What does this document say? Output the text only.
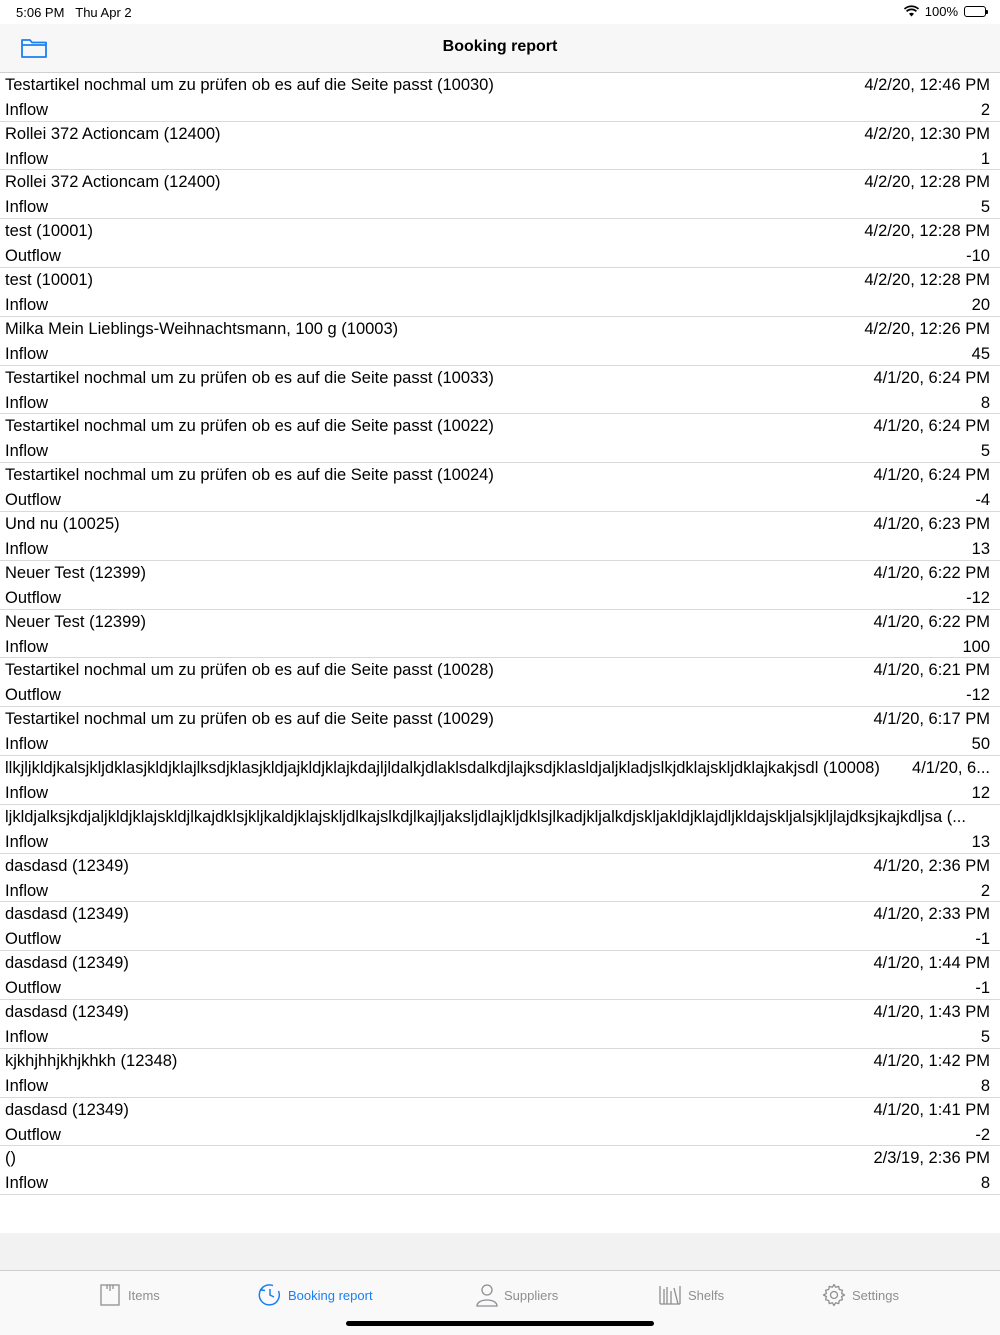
5:06 PM Thu Apr 2	100%
Booking report
Testartikel nochmal um zu prüfen ob es auf die Seite passt (10030)	4/2/20, 12:46 PM
Inflow	2
Rollei 372 Actioncam (12400)	4/2/20, 12:30 PM
Inflow	1
Rollei 372 Actioncam (12400)	4/2/20, 12:28 PM
Inflow	5
test (10001)	4/2/20, 12:28 PM
Outflow	-10
test (10001)	4/2/20, 12:28 PM
Inflow	20
Milka Mein Lieblings-Weihnachtsmann, 100 g (10003)	4/2/20, 12:26 PM
Inflow	45
Testartikel nochmal um zu prüfen ob es auf die Seite passt (10033)	4/1/20, 6:24 PM
Inflow	8
Testartikel nochmal um zu prüfen ob es auf die Seite passt (10022)	4/1/20, 6:24 PM
Inflow	5
Testartikel nochmal um zu prüfen ob es auf die Seite passt (10024)	4/1/20, 6:24 PM
Outflow	-4
Und nu (10025)	4/1/20, 6:23 PM
Inflow	13
Neuer Test (12399)	4/1/20, 6:22 PM
Outflow	-12
Neuer Test (12399)	4/1/20, 6:22 PM
Inflow	100
Testartikel nochmal um zu prüfen ob es auf die Seite passt (10028)	4/1/20, 6:21 PM
Outflow	-12
Testartikel nochmal um zu prüfen ob es auf die Seite passt (10029)	4/1/20, 6:17 PM
Inflow	50
llkjljkldjkalsjkljdklasjkldjklajlksdjklasjkldjajkldjklajkdajljldalkjdlaklsdalkdjlajksdjklasldjaljkladjslkjdklajskljdklajkakjsdl (10008) 4/1/20, 6...
Inflow	12
ljkldjalksjkdjaljkldjklajskldjlkajdklsjkljkaldjklajskljdlkajslkdjlkajljaksljdlajkljdklsjlkadjkljalkdjskljakldjklajdljkldajskljalsjkljlajdksjkajkdljsa (...
Inflow	13
dasdasd (12349)	4/1/20, 2:36 PM
Inflow	2
dasdasd (12349)	4/1/20, 2:33 PM
Outflow	-1
dasdasd (12349)	4/1/20, 1:44 PM
Outflow	-1
dasdasd (12349)	4/1/20, 1:43 PM
Inflow	5
kjkhjhhjkhjkhkh (12348)	4/1/20, 1:42 PM
Inflow	8
dasdasd (12349)	4/1/20, 1:41 PM
Outflow	-2
()	2/3/19, 2:36 PM
Inflow	8
Items	Booking report	Suppliers	Shelfs	Settings
